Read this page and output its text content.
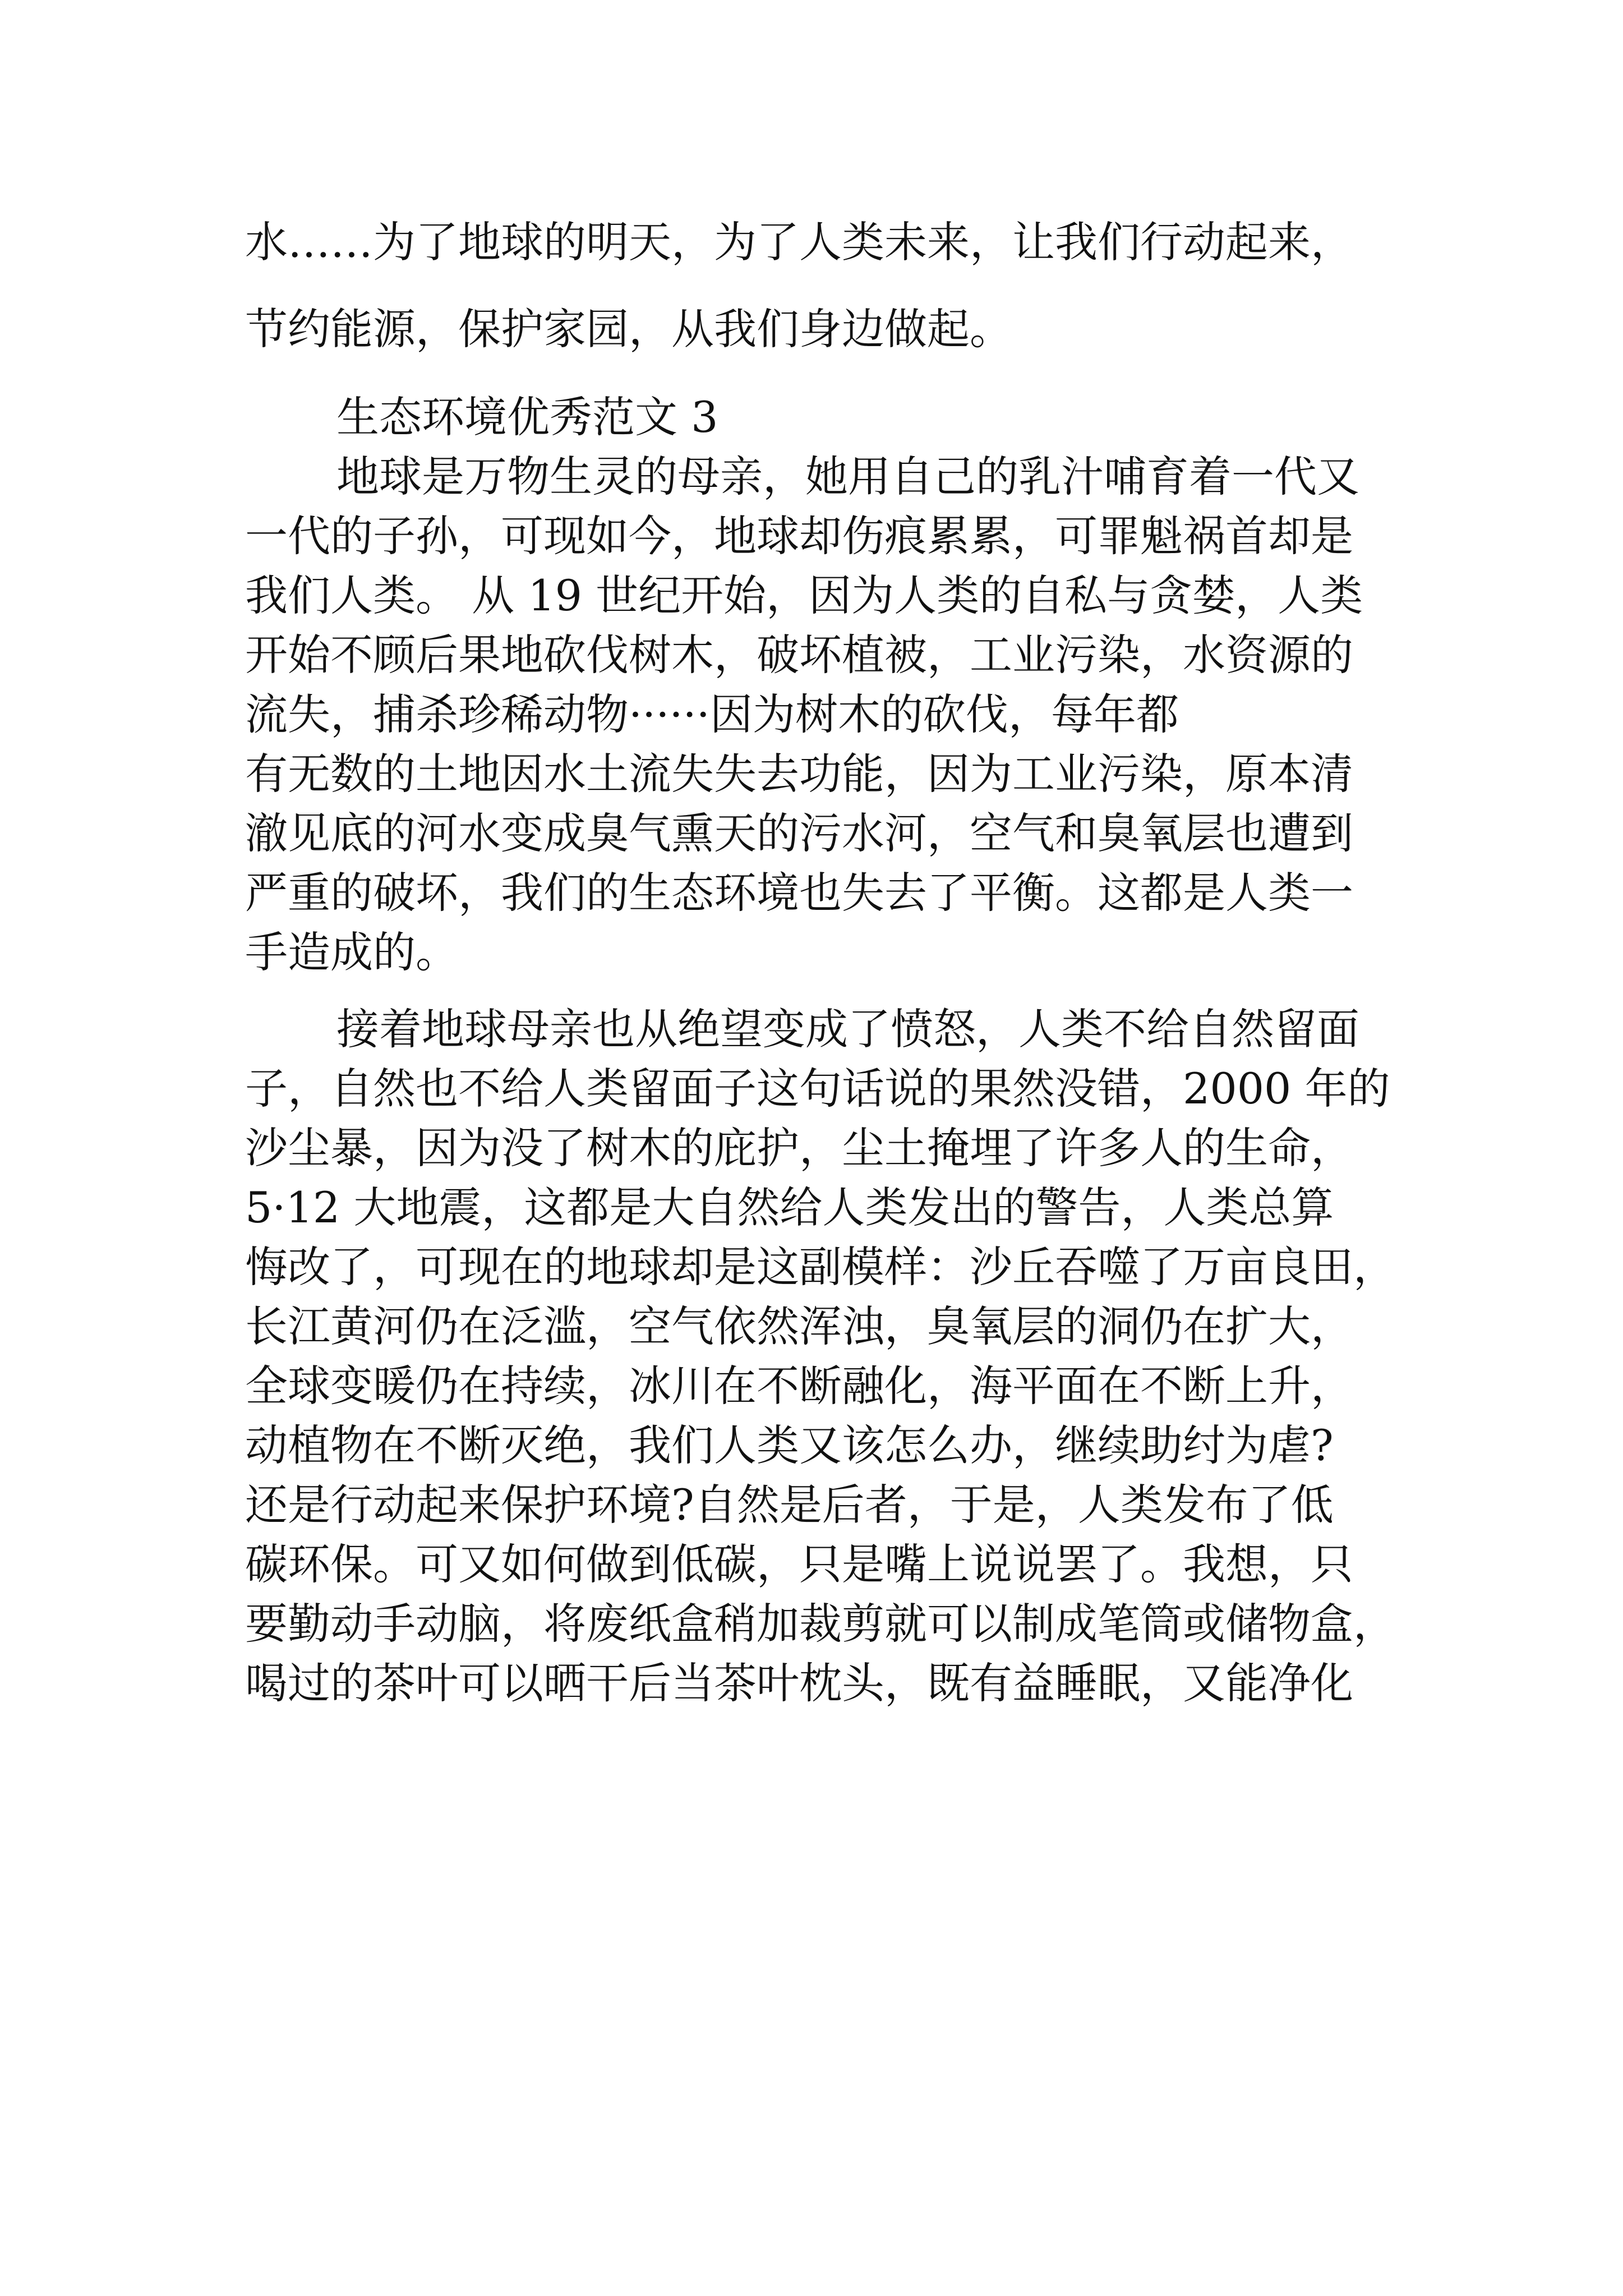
水……为了地球的明天，为了人类未来，让我们行动起来，
节约能源，保护家园，从我们身边做起。
生态环境优秀范文 3
地球是万物生灵的母亲，她用自己的乳汁哺育着一代又
一代的子孙，可现如今，地球却伤痕累累，可罪魁祸首却是
我们人类。 从 19 世纪开始，因为人类的自私与贪婪，人类
开始不顾后果地砍伐树木，破坏植被，工业污染，水资源的
流失，捕杀珍稀动物······因为树木的砍伐，每年都
有无数的土地因水土流失失去功能，因为工业污染，原本清
澈见底的河水变成臭气熏天的污水河，空气和臭氧层也遭到
严重的破坏，我们的生态环境也失去了平衡。这都是人类一
手造成的。
接着地球母亲也从绝望变成了愤怒，人类不给自然留面
子，自然也不给人类留面子这句话说的果然没错，2000 年的
沙尘暴，因为没了树木的庇护，尘土掩埋了许多人的生命，
5·12 大地震，这都是大自然给人类发出的警告，人类总算
悔改了，可现在的地球却是这副模样：沙丘吞噬了万亩良田，
长江黄河仍在泛滥，空气依然浑浊，臭氧层的洞仍在扩大，
全球变暖仍在持续，冰川在不断融化，海平面在不断上升，
动植物在不断灭绝，我们人类又该怎么办，继续助纣为虐?
还是行动起来保护环境?自然是后者，于是，人类发布了低
碳环保。可又如何做到低碳，只是嘴上说说罢了。我想，只
要勤动手动脑，将废纸盒稍加裁剪就可以制成笔筒或储物盒，
喝过的茶叶可以晒干后当茶叶枕头，既有益睡眠，又能净化
